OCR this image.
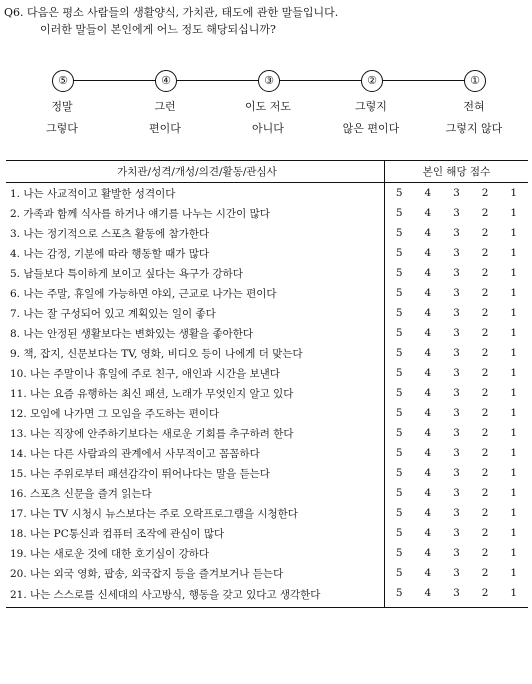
Q6. 다음은 평소 사람들의 생활양식, 가치관, 태도에 관한 말들입니다.
이러한 말들이 본인에게 어느 정도 해당되십니까?
⑤	④	③	②	①
정말
그렇다
그런
편이다
이도 저도
아니다
그렇지
않은 편이다
전혀
그렇지 않다
가치관/성격/개성/의견/활동/관심사	본인 해당 점수				
1. 나는 사교적이고 활발한 성격이다	5	4	3	2	1
2. 가족과 함께 식사를 하거나 얘기를 나누는 시간이 많다	5	4	3	2	1
3. 나는 정기적으로 스포츠 활동에 참가한다	5	4	3	2	1
4. 나는 감정, 기분에 따라 행동할 때가 많다	5	4	3	2	1
5. 남들보다 특이하게 보이고 싶다는 욕구가 강하다	5	4	3	2	1
6. 나는 주말, 휴일에 가능하면 야외, 근교로 나가는 편이다	5	4	3	2	1
7. 나는 잘 구성되어 있고 계획있는 일이 좋다	5	4	3	2	1
8. 나는 안정된 생활보다는 변화있는 생활을 좋아한다	5	4	3	2	1
9. 책, 잡지, 신문보다는 TV, 영화, 비디오 등이 나에게 더 맞는다	5	4	3	2	1
10. 나는 주말이나 휴일에 주로 친구, 애인과 시간을 보낸다	5	4	3	2	1
11. 나는 요즘 유행하는 최신 패션, 노래가 무엇인지 알고 있다	5	4	3	2	1
12. 모임에 나가면 그 모임을 주도하는 편이다	5	4	3	2	1
13. 나는 직장에 안주하기보다는 새로운 기회를 추구하려 한다	5	4	3	2	1
14. 나는 다른 사람과의 관계에서 사무적이고 꼼꼼하다	5	4	3	2	1
15. 나는 주위로부터 패션감각이 뛰어나다는 말을 듣는다	5	4	3	2	1
16. 스포츠 신문을 즐겨 읽는다	5	4	3	2	1
17. 나는 TV 시청시 뉴스보다는 주로 오락프로그램을 시청한다	5	4	3	2	1
18. 나는 PC통신과 컴퓨터 조작에 관심이 많다	5	4	3	2	1
19. 나는 새로운 것에 대한 호기심이 강하다	5	4	3	2	1
20. 나는 외국 영화, 팝송, 외국잡지 등을 즐겨보거나 듣는다	5	4	3	2	1
21. 나는 스스로를 신세대의 사고방식, 행동을 갖고 있다고 생각한다	5	4	3	2	1
